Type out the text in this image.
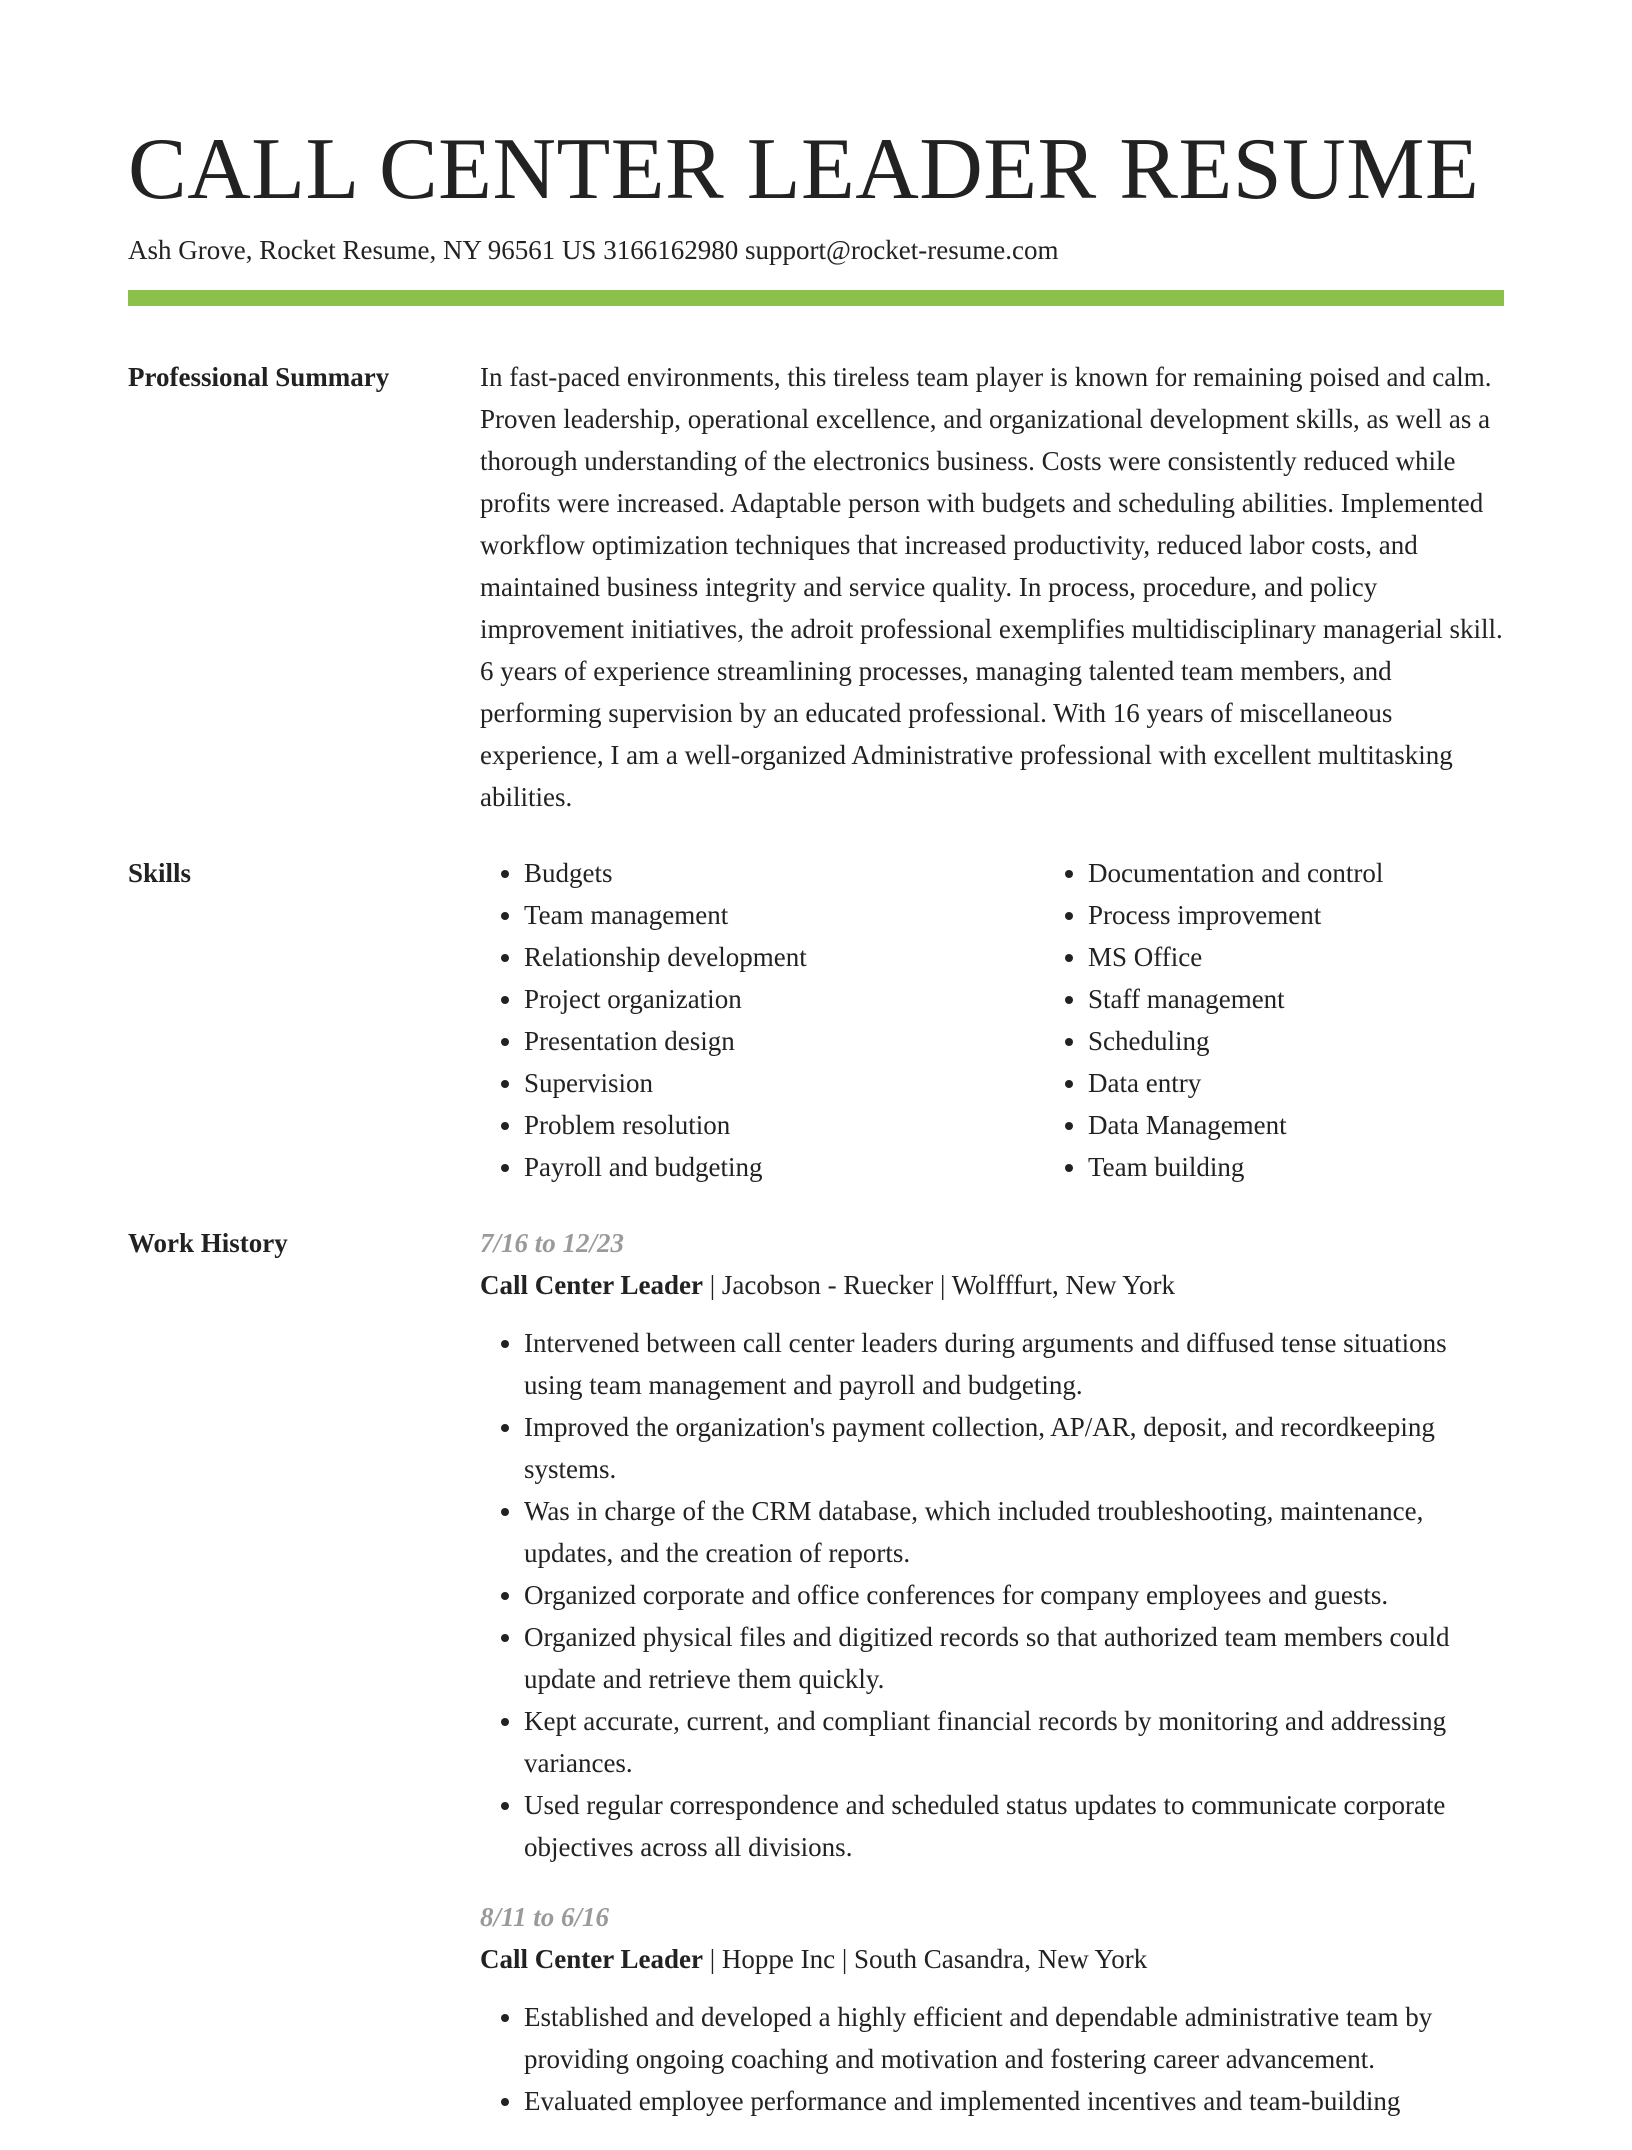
CALL CENTER LEADER RESUME
Ash Grove, Rocket Resume, NY 96561 US 3166162980 support@rocket-resume.com
Professional Summary	In fast-paced environments, this tireless team player is known for remaining poised and calm. Proven leadership, operational excellence, and organizational development skills, as well as a thorough understanding of the electronics business. Costs were consistently reduced while profits were increased. Adaptable person with budgets and scheduling abilities. Implemented workflow optimization techniques that increased productivity, reduced labor costs, and maintained business integrity and service quality. In process, procedure, and policy improvement initiatives, the adroit professional exemplifies multidisciplinary managerial skill. 6 years of experience streamlining processes, managing talented team members, and performing supervision by an educated professional. With 16 years of miscellaneous experience, I am a well-organized Administrative professional with excellent multitasking abilities.

Skills
•	Budgets
• Team management
• Relationship development
• Project organization
• Presentation design
• Supervision
• Problem resolution
• Payroll and budgeting
• Documentation and control
• Process improvement
• MS Office
• Staff management
• Scheduling
• Data entry
• Data Management
• Team building
Work History	7/16 to 12/23
Call Center Leader | Jacobson - Ruecker | Wolfffurt, New York
• Intervened between call center leaders during arguments and diffused tense situations using team management and payroll and budgeting.
• Improved the organization's payment collection, AP/AR, deposit, and recordkeeping systems.
• Was in charge of the CRM database, which included troubleshooting, maintenance, updates, and the creation of reports.
• Organized corporate and office conferences for company employees and guests.
• Organized physical files and digitized records so that authorized team members could update and retrieve them quickly.
• Kept accurate, current, and compliant financial records by monitoring and addressing variances.
• Used regular correspondence and scheduled status updates to communicate corporate objectives across all divisions.
8/11 to 6/16
Call Center Leader | Hoppe Inc | South Casandra, New York
• Established and developed a highly efficient and dependable administrative team by providing ongoing coaching and motivation and fostering career advancement.
• Evaluated employee performance and implemented incentives and team-building
